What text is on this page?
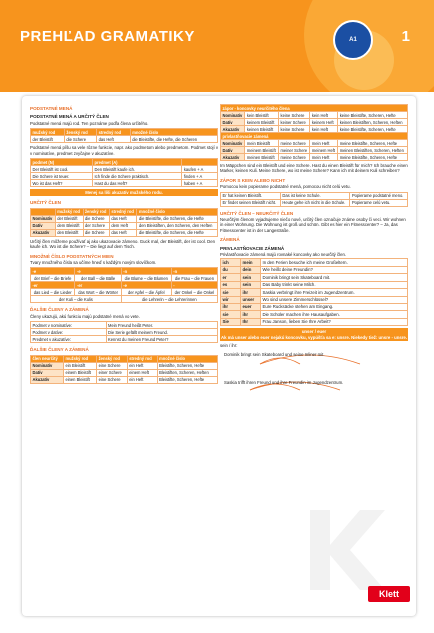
PREHĽAD GRAMATIKY	A1	1
PODSTATNÉ MENÁ
PODSTATNÉ MENÁ A URČITÝ ČLEN
Podstatné mená majú rod. Ten poznáme podľa člena určitého.
mužský rod	ženský rod	stredný rod	množné číslo
der Bleistift	die Schere	das Heft	die Bleistifte, die Hefte, die Scheren
Podstatné mená píšu sa vele rôzne funkcie, napr. ako podmetom alebo predmetom. Podmet stojí v v nominatíve, predmet zvyčajne v akuzatíve.
podmet (N)	predmet (A)	
Der Bleistift ist cool.	Den Bleistift kaufe ich.	kaufen + A
Die Schere ist teuer.	Ich finde die Schere praktisch.	finden + A
Wo ist das Heft?	Hast du das Heft?	haben + A
Menej sa líši akuzatív mužského rodu.
URČITÝ ČLEN
	mužský rod	ženský rod	stredný rod	množné číslo
Nominatív	der Bleistift	die Schere	das Heft	die Bleistifte, die Scheren, die Hefte
Datív	dem Bleistift	der Schere	dem Heft	den Bleistiften, den Scheren, den Heften
Akuzatív	den Bleistift	die Schere	das Heft	die Bleistifte, die Scheren, die Hefte
Určitý člen môžeme používať aj ako ukazovacie zámeno. Guck mal, der Bleistift, der ist cool. Den kaufe ich. Wo ist die Schere? – Die liegt auf dem Tisch.
MNOŽNÉ ČÍSLO PODSTATNÝCH MIEN
Tvary množného čísla sa učíme hneď s každým novým slovíčkom.
-e	-e	-n	-n
der Brief – die Briefe	der Ball – die Bälle	die Blume – die Blumen	die Frau – die Frauen
-er	-er	-e	-
das Lied – die Lieder	das Wort – die Wörter	der Apfel – die Äpfel	der Onkel – die Onkel
der Kuli – die Kulis		die Lehrerin – die Lehrerinnen	
ĎALŠIE ČLENY A ZÁMENÁ
Členy ukazujú, akú funkciu majú podstatné mená vo vete.
Podmet v nominatíve:	Mein Freund heißt Peter.
Podmet v datíve:	Die Serie gefällt meinem Freund.
Predmet v akuzatíve:	Kennst du meinen Freund Peter?
ĎALŠIE ČLENY A ZÁMENÁ
člen neurčitý	mužský rod	ženský rod	stredný rod	množné číslo
Nominatív	ein Bleistift	eine Schere	ein Heft	Bleistifte, Scheren, Hefte
Datív	einem Bleistift	einer Schere	einem Heft	Bleistiften, Scheren, Heften
Akuzatív	einen Bleistift	eine Schere	ein Heft	Bleistifte, Scheren, Hefte
zápor - koncovky neurčitého člena				
Nominatív	kein Bleistift	keine Schere	kein Heft	keine Bleistifte, Scheren, Hefte
Datív	keinem Bleistift	keiner Schere	keinem Heft	keinen Bleistiften, Scheren, Heften
Akuzatív	keinen Bleistift	keine Schere	kein Heft	keine Bleistifte, Scheren, Hefte
privlastňovacie zámená				
Nominatív	mein Bleistift	meine Schere	mein Heft	meine Bleistifte, Scheren, Hefte
Datív	meinem Bleistift	meiner Schere	meinem Heft	meinen Bleistiften, Scheren, Heften
Akuzatív	meinen Bleistift	meine Schere	mein Heft	meine Bleistifte, Scheren, Hefte
Im Mäppchen sind ein Bleistift und eine Schere. Hast du einen Bleistift für mich? Ich brauche einen Marker, keinen Kuli. Meine Schere, wo ist meine Schere? Kann ich mit deinem Kuli schreiben?
ZÁPOR S KEIN ALEBO NICHT
Pomocou kein popierame podstatné mená, pomocou nicht celú vetu.
Er hat keinen Bleistift.	Das ist keine Schule.	Popierame podstatné meno.
Er findet seinen Bleistift nicht.	Heute gehe ich nicht in die Schule.	Popierame celú vetu.
URČITÝ ČLEN – NEURČITÝ ČLEN
Neurčitým členom vyjadrujeme niečo nové, určitý člen označuje známe osoby či veci. Wir wohnen in einer Wohnung. Die Wohnung ist groß und schön. Gibt es hier ein Fitnesscenter? – Ja, das Fitnesscenter ist in der Langestraße.
ZÁMENÁ
PRIVLASTŇOVACIE ZÁMENÁ
Privlastňovacie zámená majú rovnaké koncovky ako neurčitý člen.
ich	mein	In den Ferien besuche ich meine Großeltern.
du	dein	Wie heißt deine Freundin?
er	sein	Dominik bringt sein Skateboard mit.
es	sein	Das Baby trinkt seine Milch.
sie	ihr	Saskia verbringt ihre Freizeit im Jugendzentrum.
wir	unser	Wo sind unsere Zimmerschlüssel?
ihr	euer	Eure Rucksäcke stehen am Eingang.
sie	ihr	Die Schüler machen ihre Hausaufgaben.
Sie	Ihr	Frau Janson, lieben Sie Ihre Arbeit?
unser / euer
Ak má unser alebo euer nejakú koncovku, vypúšťa sa e: unsre. Niekedy tiež: unsre - unsre.
sein / ihr:
Dominik bringt sein Skateboard und seine Inliner mit.
Saskia trifft ihren Freund und ihre Freundin im Jugendzentrum.
Klett
